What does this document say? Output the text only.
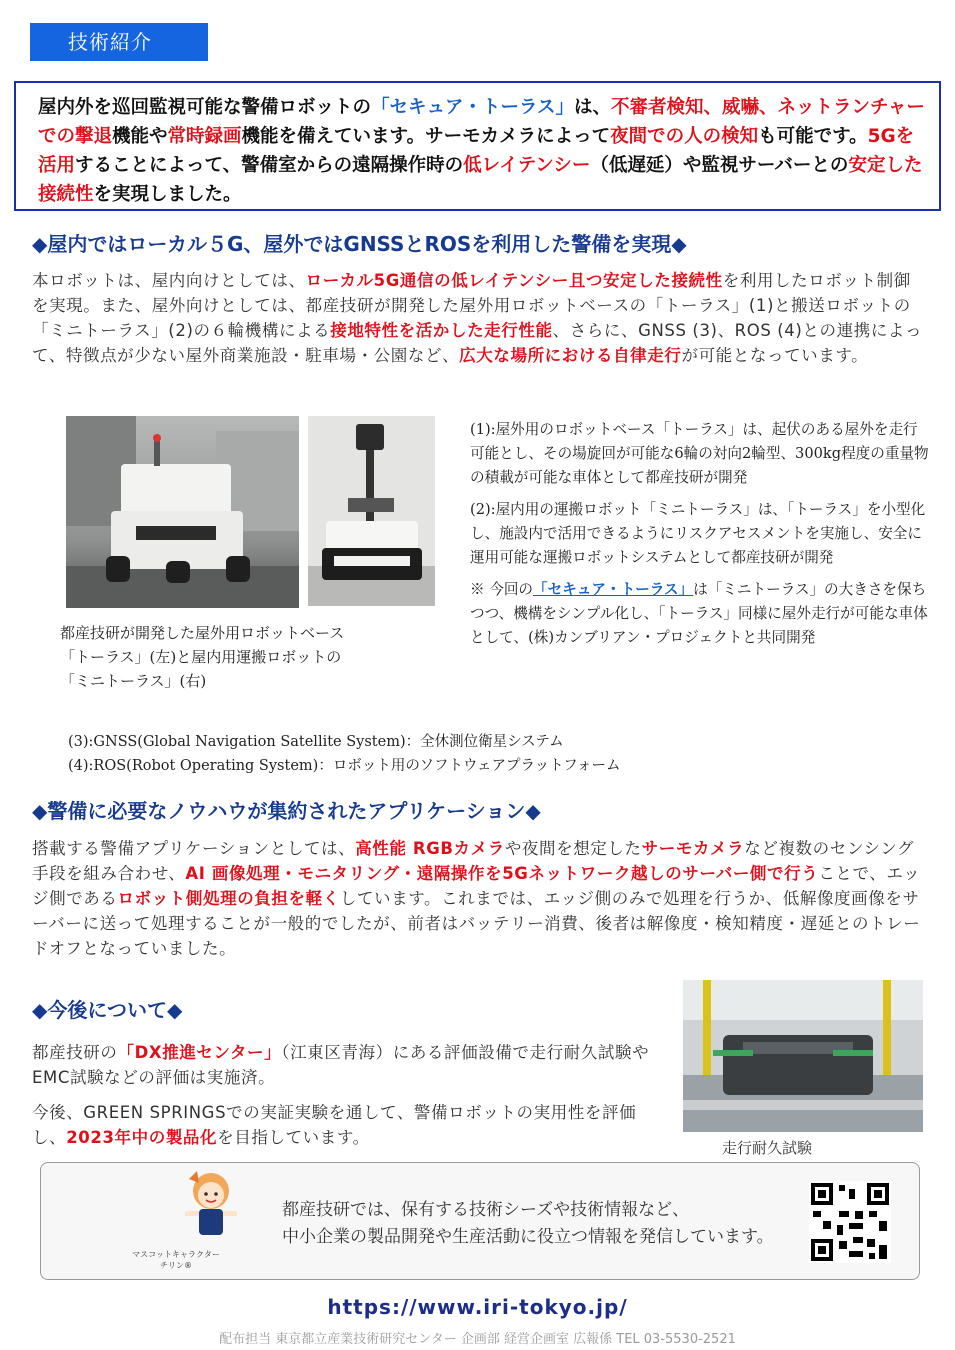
技術紹介
屋内外を巡回監視可能な警備ロボットの「セキュア・トーラス」は、不審者検知、威嚇、ネットランチャーでの撃退機能や常時録画機能を備えています。サーモカメラによって夜間での人の検知も可能です。5Gを活用することによって、警備室からの遠隔操作時の低レイテンシー（低遅延）や監視サーバーとの安定した接続性を実現しました。
◆屋内ではローカル５G、屋外ではGNSSとROSを利用した警備を実現◆
本ロボットは、屋内向けとしては、ローカル5G通信の低レイテンシー且つ安定した接続性を利用したロボット制御を実現。また、屋外向けとしては、都産技研が開発した屋外用ロボットベースの「トーラス」(1)と搬送ロボットの「ミニトーラス」(2)の６輪機構による接地特性を活かした走行性能、さらに、GNSS (3)、ROS (4)との連携によって、特徴点が少ない屋外商業施設・駐車場・公園など、広大な場所における自律走行が可能となっています。
都産技研が開発した屋外用ロボットベース
「トーラス」(左)と屋内用運搬ロボットの
「ミニトーラス」(右)

(1):屋外用のロボットベース「トーラス」は、起伏のある屋外を走行可能とし、その場旋回が可能な6輪の対向2輪型、300kg程度の重量物の積載が可能な車体として都産技研が開発

(2):屋内用の運搬ロボット「ミニトーラス」は、「トーラス」を小型化し、施設内で活用できるようにリスクアセスメントを実施し、安全に運用可能な運搬ロボットシステムとして都産技研が開発

※ 今回の「セキュア・トーラス」は「ミニトーラス」の大きさを保ちつつ、機構をシンプル化し、「トーラス」同様に屋外走行が可能な車体として、(株)カンブリアン・プロジェクトと共同開発

(3):GNSS(Global Navigation Satellite System)：全休測位衛星システム
(4):ROS(Robot Operating System)：ロボット用のソフトウェアプラットフォーム
◆警備に必要なノウハウが集約されたアプリケーション◆
搭載する警備アプリケーションとしては、高性能 RGBカメラや夜間を想定したサーモカメラなど複数のセンシング手段を組み合わせ、AI 画像処理・モニタリング・遠隔操作を5Gネットワーク越しのサーバー側で行うことで、エッジ側であるロボット側処理の負担を軽くしています。これまでは、エッジ側のみで処理を行うか、低解像度画像をサーバーに送って処理することが一般的でしたが、前者はバッテリー消費、後者は解像度・検知精度・遅延とのトレードオフとなっていました。
◆今後について◆
都産技研の「DX推進センター」（江東区青海）にある評価設備で走行耐久試験やEMC試験などの評価は実施済。
今後、GREEN SPRINGSでの実証実験を通して、警備ロボットの実用性を評価し、2023年中の製品化を目指しています。
走行耐久試験
マスコットキャラクター
チリン®
都産技研では、保有する技術シーズや技術情報など、
中小企業の製品開発や生産活動に役立つ情報を発信しています。
https://www.iri-tokyo.jp/
配布担当 東京都立産業技術研究センター 企画部 経営企画室 広報係 TEL 03-5530-2521
